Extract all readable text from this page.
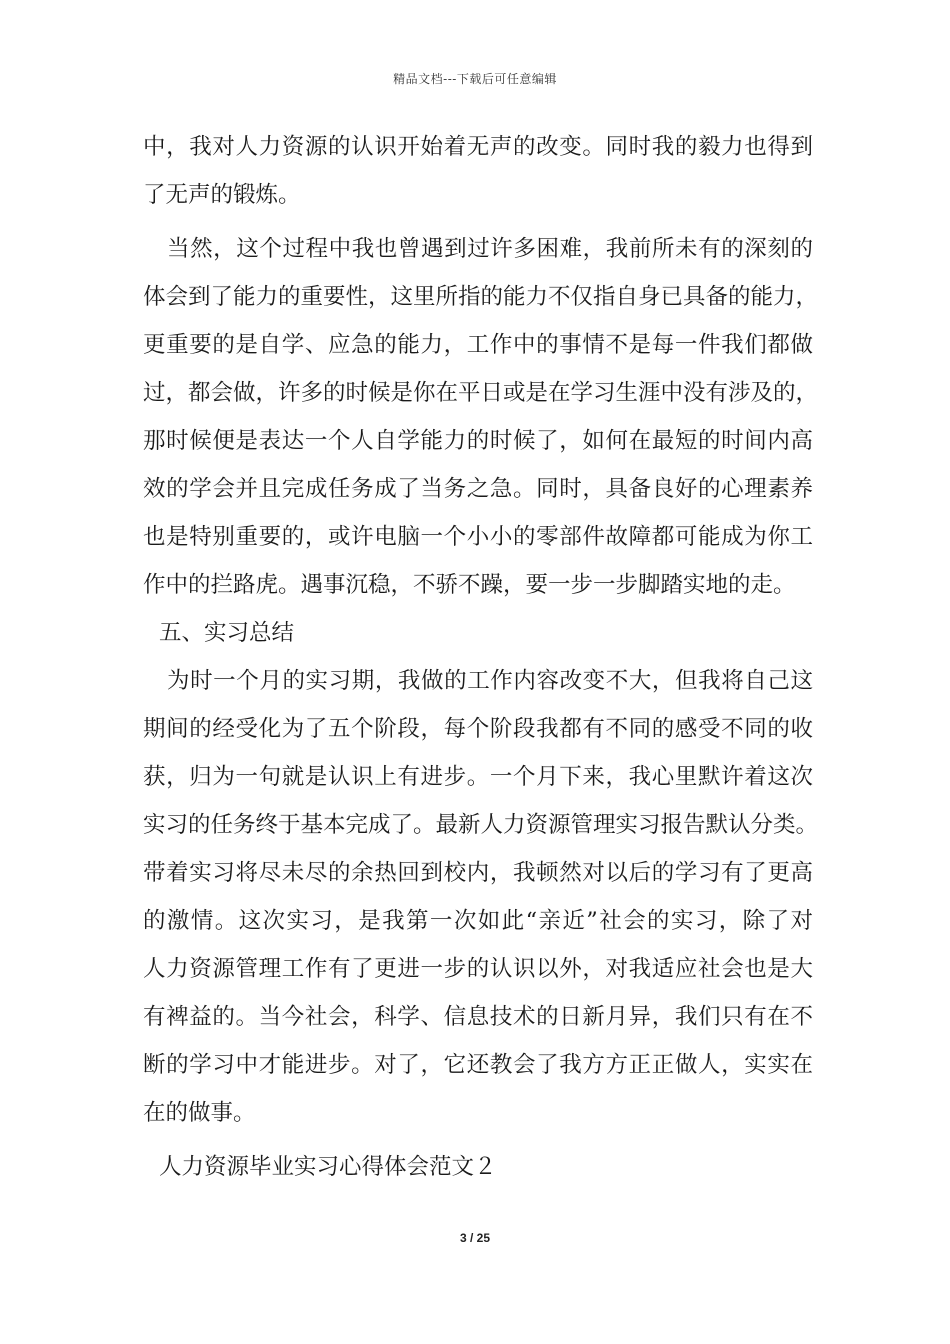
精品文档---下载后可任意编辑
中，我对人力资源的认识开始着无声的改变。同时我的毅力也得到
了无声的锻炼。
当然，这个过程中我也曾遇到过许多困难，我前所未有的深刻的
体会到了能力的重要性，这里所指的能力不仅指自身已具备的能力，
更重要的是自学、应急的能力，工作中的事情不是每一件我们都做
过，都会做，许多的时候是你在平日或是在学习生涯中没有涉及的，
那时候便是表达一个人自学能力的时候了，如何在最短的时间内高
效的学会并且完成任务成了当务之急。同时，具备良好的心理素养
也是特别重要的，或许电脑一个小小的零部件故障都可能成为你工
作中的拦路虎。遇事沉稳，不骄不躁，要一步一步脚踏实地的走。
五、实习总结
为时一个月的实习期，我做的工作内容改变不大，但我将自己这
期间的经受化为了五个阶段，每个阶段我都有不同的感受不同的收
获，归为一句就是认识上有进步。一个月下来，我心里默许着这次
实习的任务终于基本完成了。最新人力资源管理实习报告默认分类。
带着实习将尽未尽的余热回到校内，我顿然对以后的学习有了更高
的激情。这次实习，是我第一次如此“亲近”社会的实习，除了对
人力资源管理工作有了更进一步的认识以外，对我适应社会也是大
有裨益的。当今社会，科学、信息技术的日新月异，我们只有在不
断的学习中才能进步。对了，它还教会了我方方正正做人，实实在
在的做事。
人力资源毕业实习心得体会范文２
3 / 25
